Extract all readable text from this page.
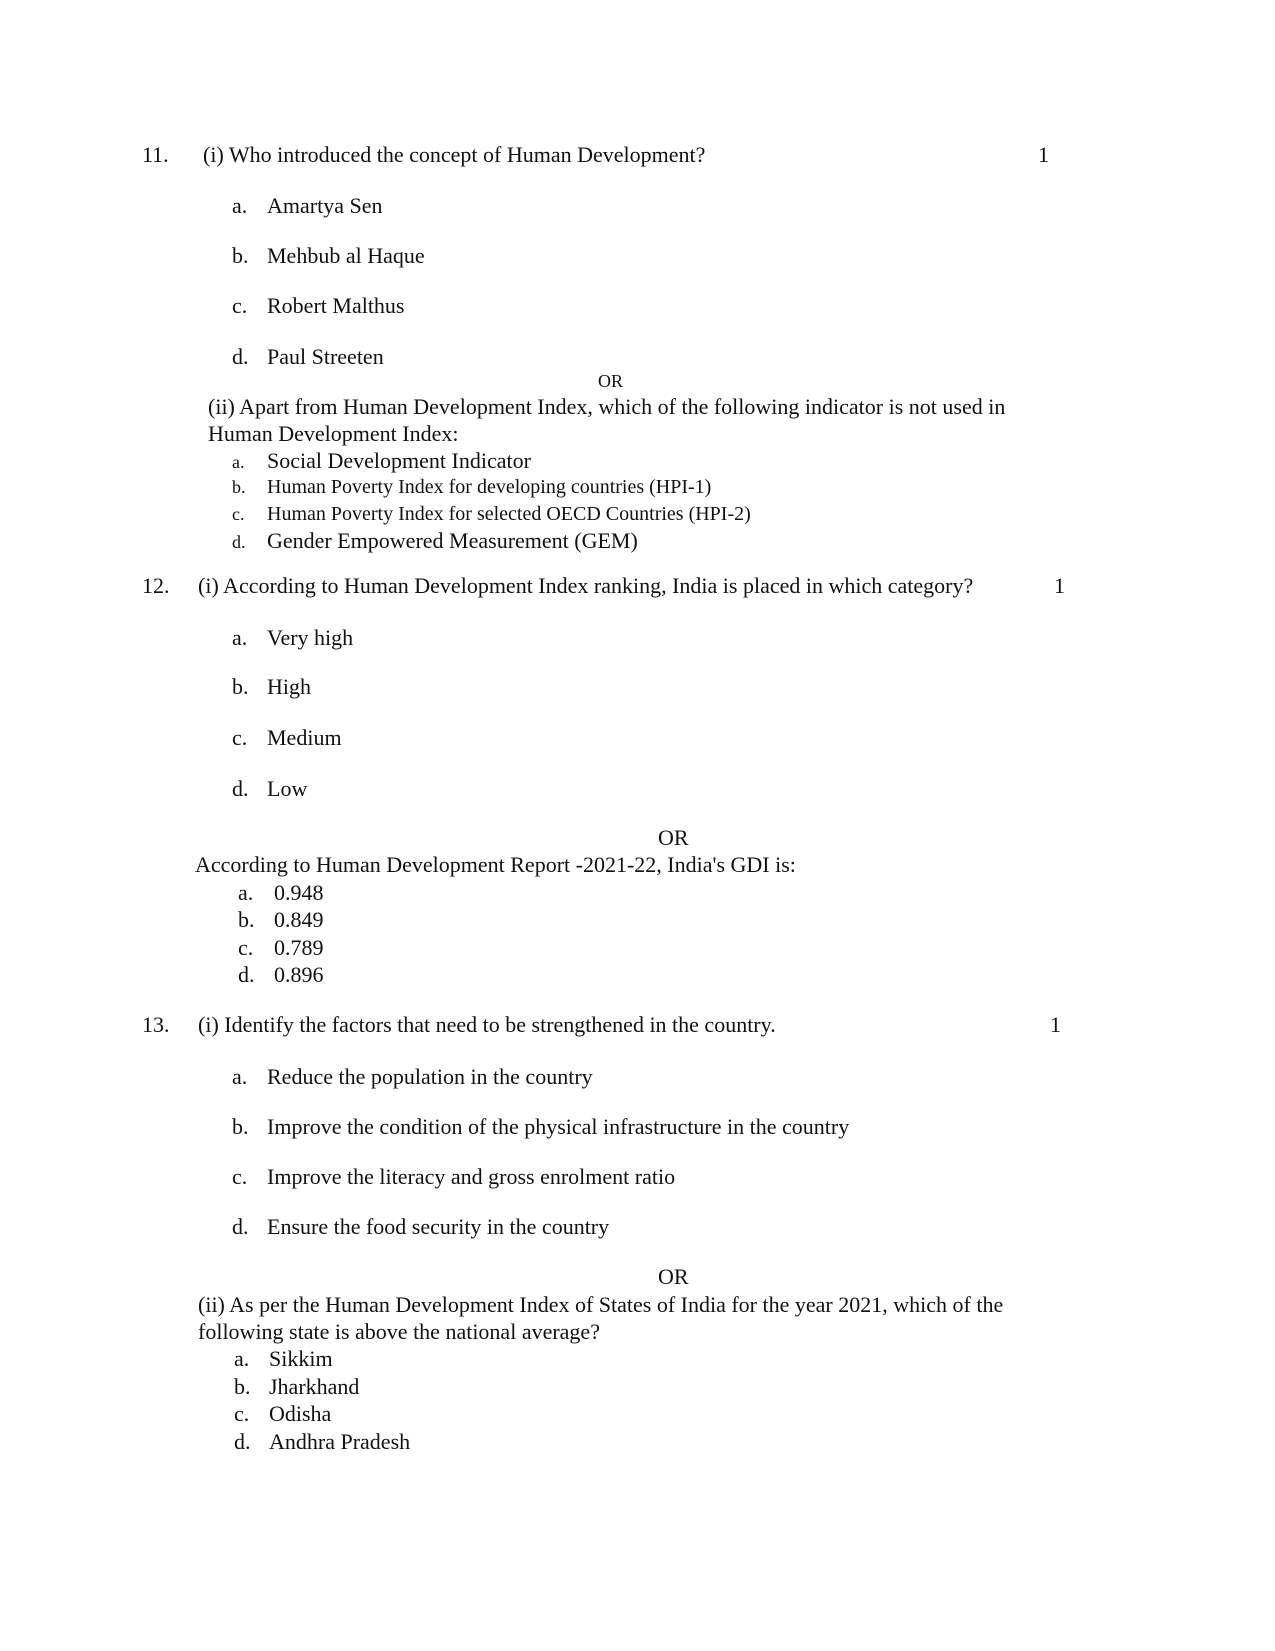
11. (i) Who introduced the concept of Human Development?	1
a. Amartya Sen
b. Mehbub al Haque
c. Robert Malthus
d. Paul Streeten
OR
(ii) Apart from Human Development Index, which of the following indicator is not used in
Human Development Index:
a. Social Development Indicator
b. Human Poverty Index for developing countries (HPI-1)
c. Human Poverty Index for selected OECD Countries (HPI-2)
d. Gender Empowered Measurement (GEM)
12. (i) According to Human Development Index ranking, India is placed in which category?	1
a. Very high
b. High
c. Medium
d. Low
OR
According to Human Development Report -2021-22, India's GDI is:
a. 0.948
b. 0.849
c. 0.789
d. 0.896
13. (i) Identify the factors that need to be strengthened in the country.	1
a. Reduce the population in the country
b. Improve the condition of the physical infrastructure in the country
c. Improve the literacy and gross enrolment ratio
d. Ensure the food security in the country
OR
(ii) As per the Human Development Index of States of India for the year 2021, which of the
following state is above the national average?
a. Sikkim
b. Jharkhand
c. Odisha
d. Andhra Pradesh
